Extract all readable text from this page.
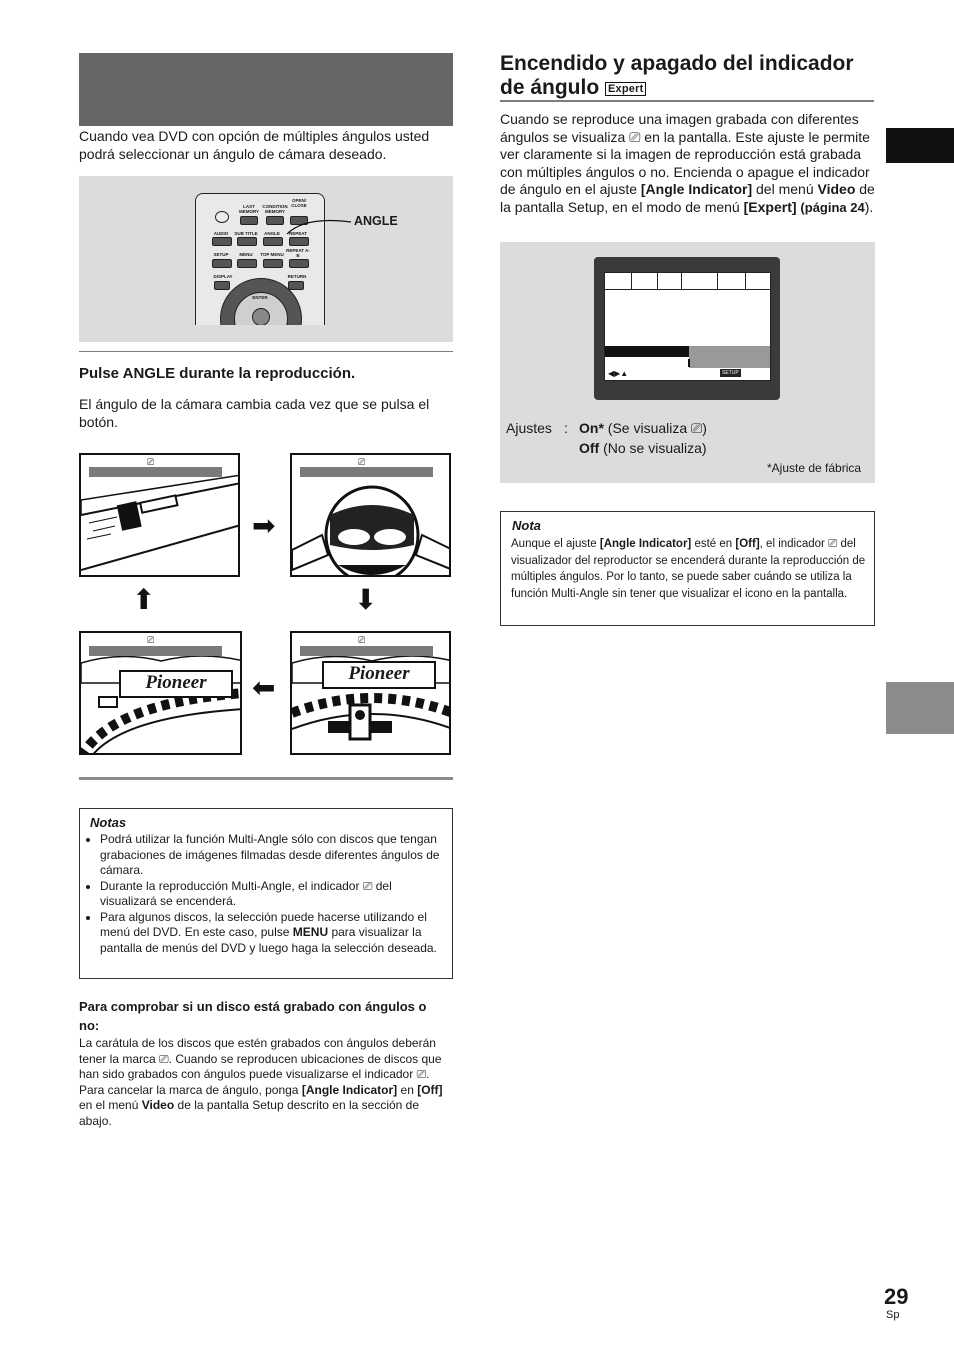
Cuando vea DVD con opción de múltiples ángulos usted podrá seleccionar un ángulo de cámara deseado.
LAST MEMORY
CONDITION MEMORY
OPEN/ CLOSE
AUDIO	SUB TITLE	ANGLE	REPEAT
SETUP	MENU	TOP MENU
REPEAT A-B
DISPLAY	RETURN
ENTER
ANGLE
Pulse ANGLE durante la reproducción.
El ángulo de la cámara cambia cada vez que se pulsa el botón.
⎚	⎚
➡
⬆	⬇
⬅
⎚
Pioneer
⎚
Pioneer
Notas
• Podrá utilizar la función Multi-Angle sólo con discos que tengan grabaciones de imágenes filmadas desde diferentes ángulos de cámara.
• Durante la reproducción Multi-Angle, el indicador ⎚ del visualizará se encenderá.
• Para algunos discos, la selección puede hacerse utilizando el menú del DVD. En este caso, pulse MENU para visualizar la pantalla de menús del DVD y luego haga la selección deseada.
Para comprobar si un disco está grabado con ángulos o no:
La carátula de los discos que estén grabados con ángulos deberán tener la marca ⎚. Cuando se reproducen ubicaciones de discos que han sido grabados con ángulos puede visualizarse el indicador ⎚.
Para cancelar la marca de ángulo, ponga [Angle Indicator] en [Off] en el menú Video de la pantalla Setup descrito en la sección de abajo.
Encendido y apagado del indicador
de ángulo Expert
Cuando se reproduce una imagen grabada con diferentes ángulos se visualiza ⎚ en la pantalla. Este ajuste le permite ver claramente si la imagen de reproducción está grabada con múltiples ángulos o no. Encienda o apague el indicador de ángulo en el ajuste [Angle Indicator] del menú Video de la pantalla Setup, en el modo de menú [Expert] (página 24).
◀▶▲	SETUP
Ajustes : On* (Se visualiza ⎚)
Off (No se visualiza)
*Ajuste de fábrica
Nota
Aunque el ajuste [Angle Indicator] esté en [Off], el indicador ⎚ del visualizador del reproductor se encenderá durante la reproducción de múltiples ángulos. Por lo tanto, se puede saber cuándo se utiliza la función Multi-Angle sin tener que visualizar el icono en la pantalla.
29
Sp
